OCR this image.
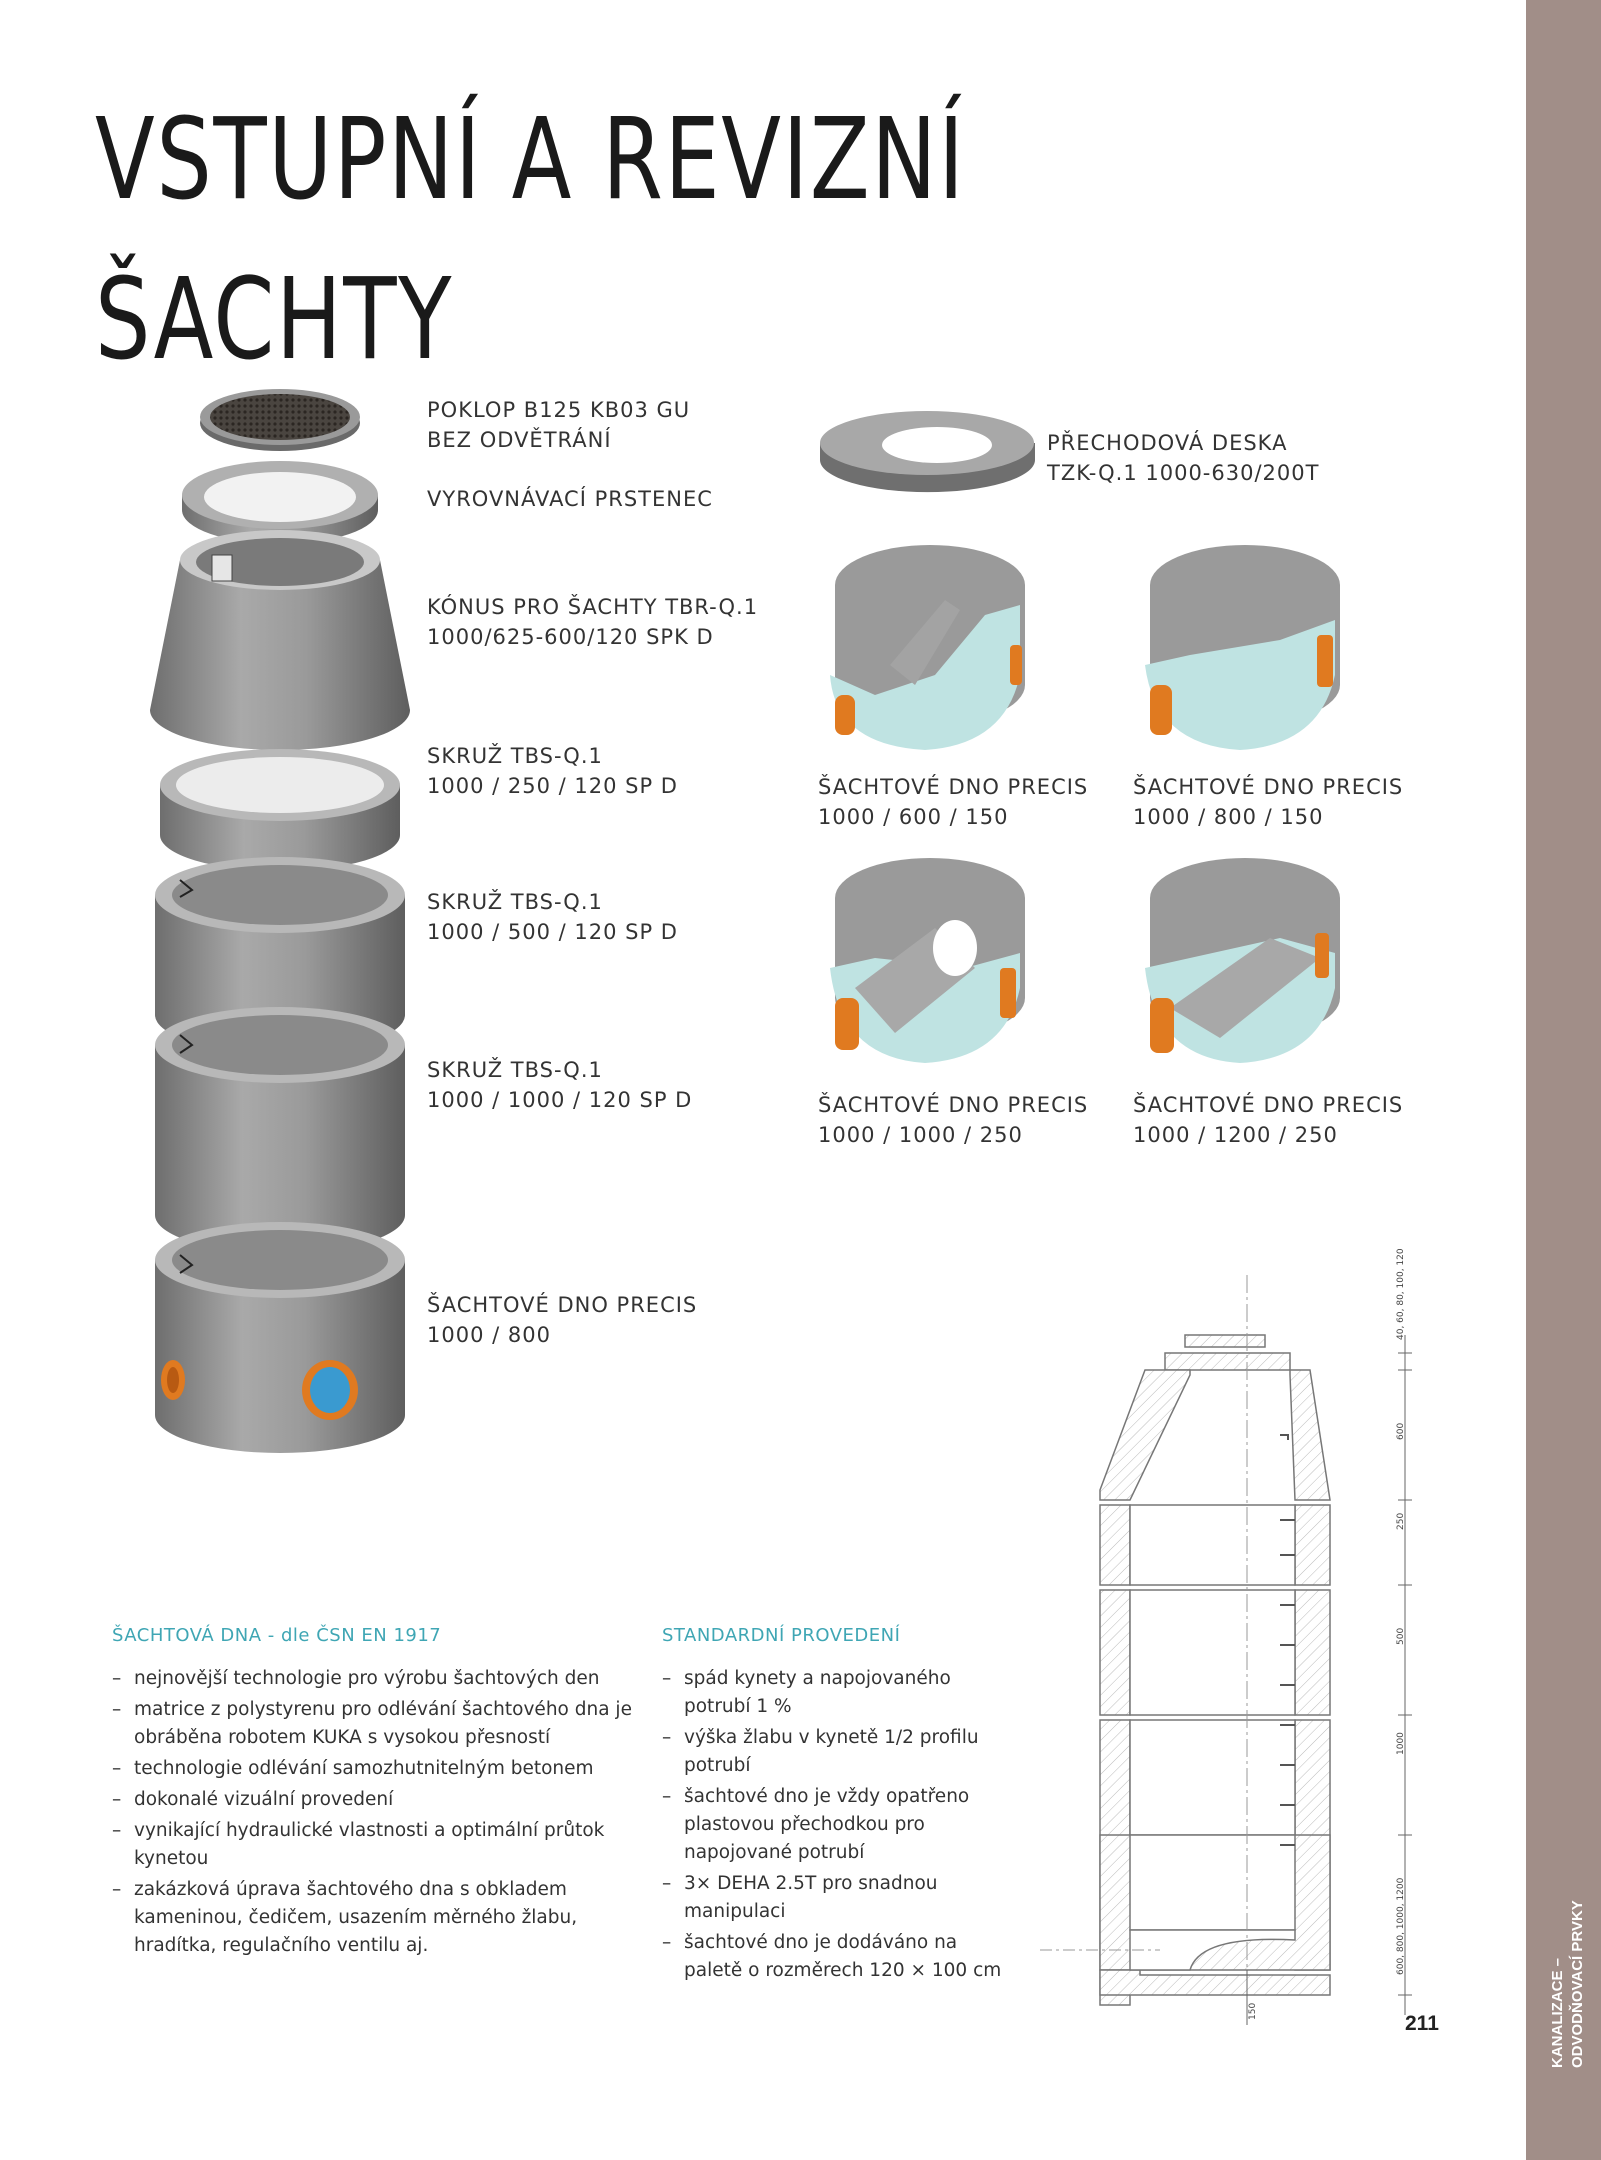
VSTUPNÍ A REVIZNÍ
ŠACHTY
KANALIZACE – ODVODŇOVACÍ PRVKY
POKLOP B125 KB03 GU
BEZ ODVĚTRÁNÍ
VYROVNÁVACÍ PRSTENEC
KÓNUS PRO ŠACHTY TBR-Q.1
1000/625-600/120 SPK D
SKRUŽ TBS-Q.1
1000 / 250 / 120 SP D
SKRUŽ TBS-Q.1
1000 / 500 / 120 SP D
SKRUŽ TBS-Q.1
1000 / 1000 / 120 SP D
ŠACHTOVÉ DNO PRECIS
1000 / 800
PŘECHODOVÁ DESKA
TZK-Q.1 1000-630/200T
ŠACHTOVÉ DNO PRECIS
1000 / 600 / 150
ŠACHTOVÉ DNO PRECIS
1000 / 800 / 150
ŠACHTOVÉ DNO PRECIS
1000 / 1000 / 250
ŠACHTOVÉ DNO PRECIS
1000 / 1200 / 250
40, 60, 80, 100, 120
600
250
500
1000
600, 800, 1000, 1200
150
ŠACHTOVÁ DNA - dle ČSN EN 1917
– nejnovější technologie pro výrobu šachtových den
– matrice z polystyrenu pro odlévání šachtového dna je obráběna robotem KUKA s vysokou přesností
– technologie odlévání samozhutnitelným betonem
– dokonalé vizuální provedení
– vynikající hydraulické vlastnosti a optimální průtok kynetou
– zakázková úprava šachtového dna s obkladem kameninou, čedičem, usazením měrného žlabu, hradítka, regulačního ventilu aj.
STANDARDNÍ PROVEDENÍ
– spád kynety a napojovaného potrubí 1 %
– výška žlabu v kynetě 1/2 profilu potrubí
– šachtové dno je vždy opatřeno plastovou přechodkou pro napojované potrubí
– 3× DEHA 2.5T pro snadnou manipulaci
– šachtové dno je dodáváno na paletě o rozměrech 120 × 100 cm
211
